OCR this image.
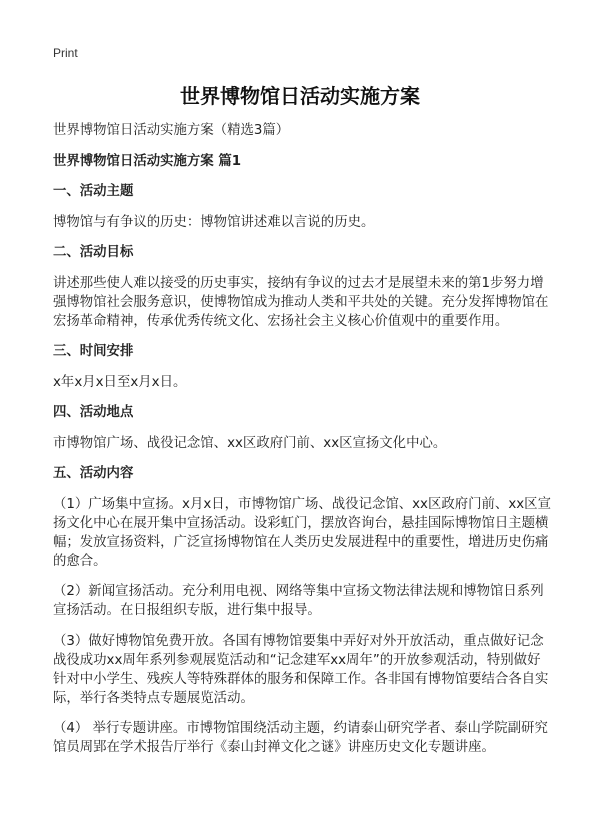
Print
世界博物馆日活动实施方案

世界博物馆日活动实施方案（精选3篇）

世界博物馆日活动实施方案 篇1

一、活动主题

博物馆与有争议的历史：博物馆讲述难以言说的历史。

二、活动目标

讲述那些使人难以接受的历史事实，接纳有争议的过去才是展望未来的第1步努力增强博物馆社会服务意识，使博物馆成为推动人类和平共处的关键。充分发挥博物馆在宏扬革命精神，传承优秀传统文化、宏扬社会主义核心价值观中的重要作用。

三、时间安排

x年x月x日至x月x日。

四、活动地点

市博物馆广场、战役记念馆、xx区政府门前、xx区宣扬文化中心。

五、活动内容

（1）广场集中宣扬。x月x日，市博物馆广场、战役记念馆、xx区政府门前、xx区宣扬文化中心在展开集中宣扬活动。设彩虹门，摆放咨询台，悬挂国际博物馆日主题横幅；发放宣扬资料，广泛宣扬博物馆在人类历史发展进程中的重要性，增进历史伤痛的愈合。

（2）新闻宣扬活动。充分利用电视、网络等集中宣扬文物法律法规和博物馆日系列宣扬活动。在日报组织专版，进行集中报导。

（3）做好博物馆免费开放。各国有博物馆要集中弄好对外开放活动，重点做好记念战役成功xx周年系列参观展览活动和“记念建军xx周年”的开放参观活动，特别做好针对中小学生、残疾人等特殊群体的服务和保障工作。各非国有博物馆要结合各自实际，举行各类特点专题展览活动。

（4） 举行专题讲座。市博物馆围绕活动主题，约请泰山研究学者、泰山学院副研究馆员周郢在学术报告厅举行《泰山封禅文化之谜》讲座历史文化专题讲座。
